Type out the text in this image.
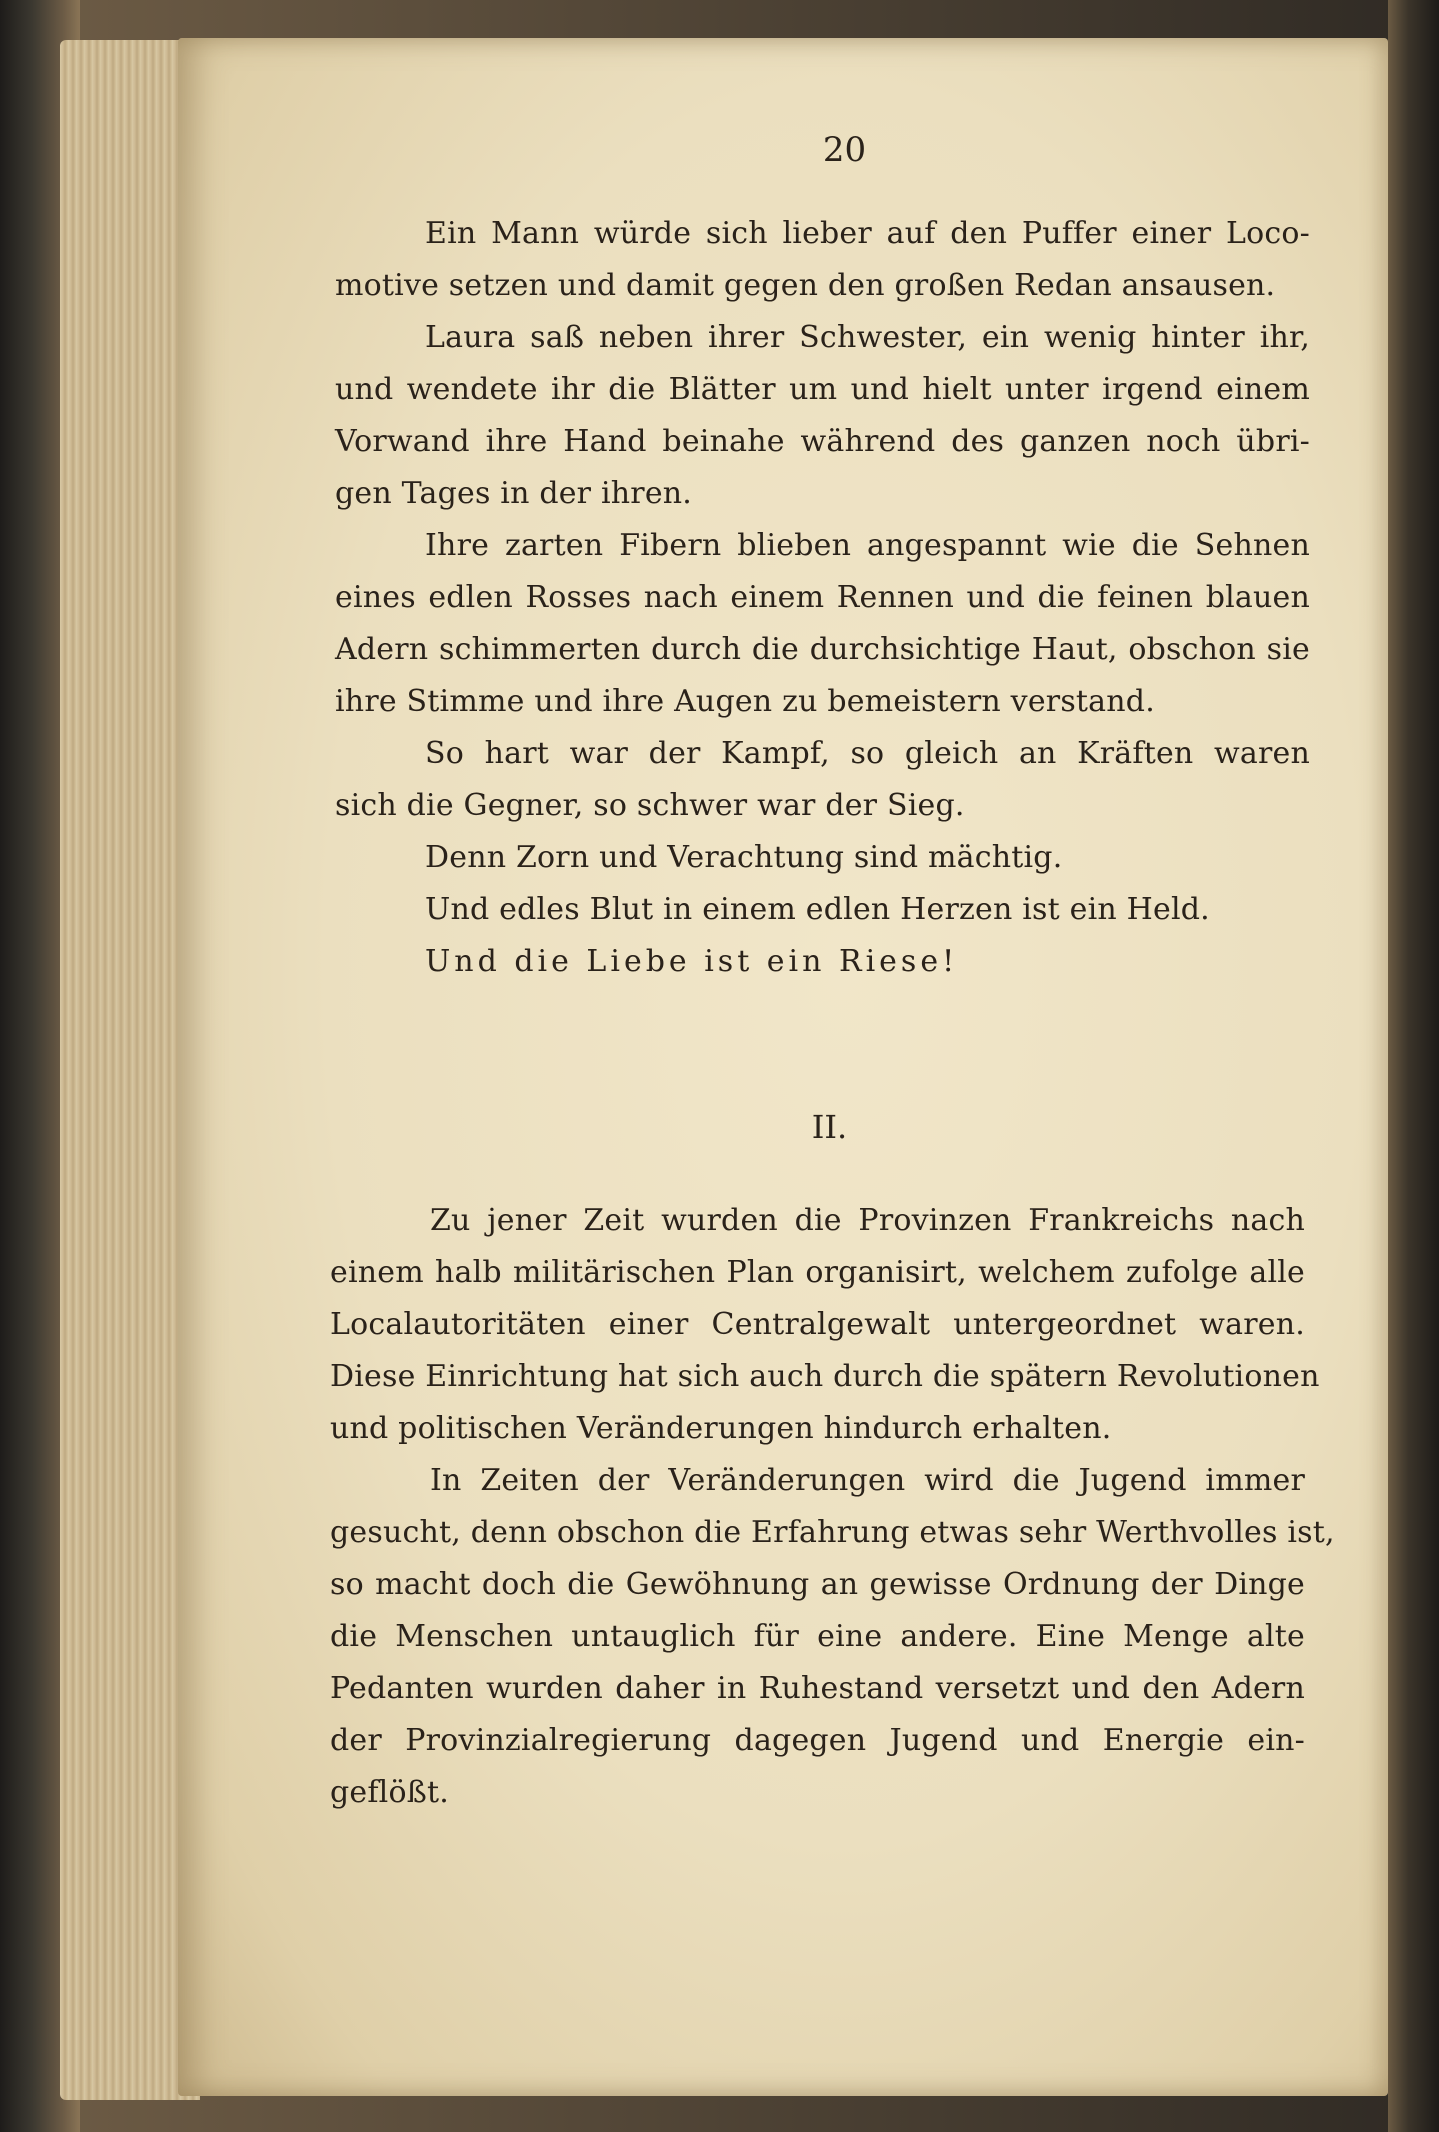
20
Ein Mann würde sich lieber auf den Puffer einer Loco-
motive setzen und damit gegen den großen Redan ansausen.
Laura saß neben ihrer Schwester, ein wenig hinter ihr,
und wendete ihr die Blätter um und hielt unter irgend einem
Vorwand ihre Hand beinahe während des ganzen noch übri-
gen Tages in der ihren.
Ihre zarten Fibern blieben angespannt wie die Sehnen
eines edlen Rosses nach einem Rennen und die feinen blauen
Adern schimmerten durch die durchsichtige Haut, obschon sie
ihre Stimme und ihre Augen zu bemeistern verstand.
So hart war der Kampf, so gleich an Kräften waren
sich die Gegner, so schwer war der Sieg.
Denn Zorn und Verachtung sind mächtig.
Und edles Blut in einem edlen Herzen ist ein Held.
Und die Liebe ist ein Riese!
II.
Zu jener Zeit wurden die Provinzen Frankreichs nach
einem halb militärischen Plan organisirt, welchem zufolge alle
Localautoritäten einer Centralgewalt untergeordnet waren.
Diese Einrichtung hat sich auch durch die spätern Revolutionen
und politischen Veränderungen hindurch erhalten.
In Zeiten der Veränderungen wird die Jugend immer
gesucht, denn obschon die Erfahrung etwas sehr Werthvolles ist,
so macht doch die Gewöhnung an gewisse Ordnung der Dinge
die Menschen untauglich für eine andere. Eine Menge alte
Pedanten wurden daher in Ruhestand versetzt und den Adern
der Provinzialregierung dagegen Jugend und Energie ein-
geflößt.
